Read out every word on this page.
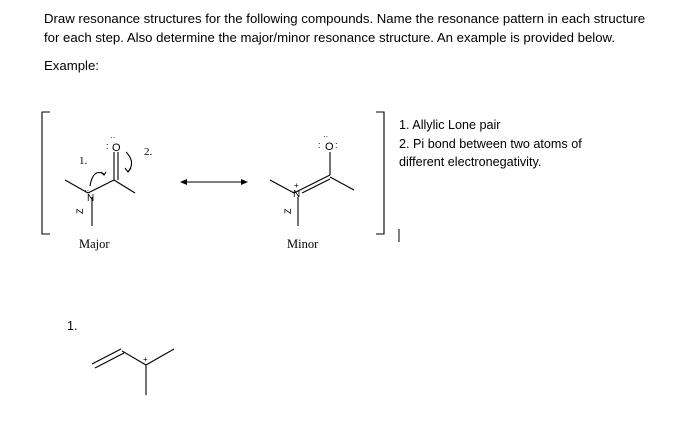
Draw resonance structures for the following compounds. Name the resonance pattern in each structure
for each step. Also determine the major/minor resonance structure. An example is provided below.

Example:

O
:
··
N
··
Z
O
: :
··
N
+
Z
+
1.
2.
Major	Minor
1. Allylic Lone pair
2. Pi bond between two atoms of
different electronegativity.
1.
